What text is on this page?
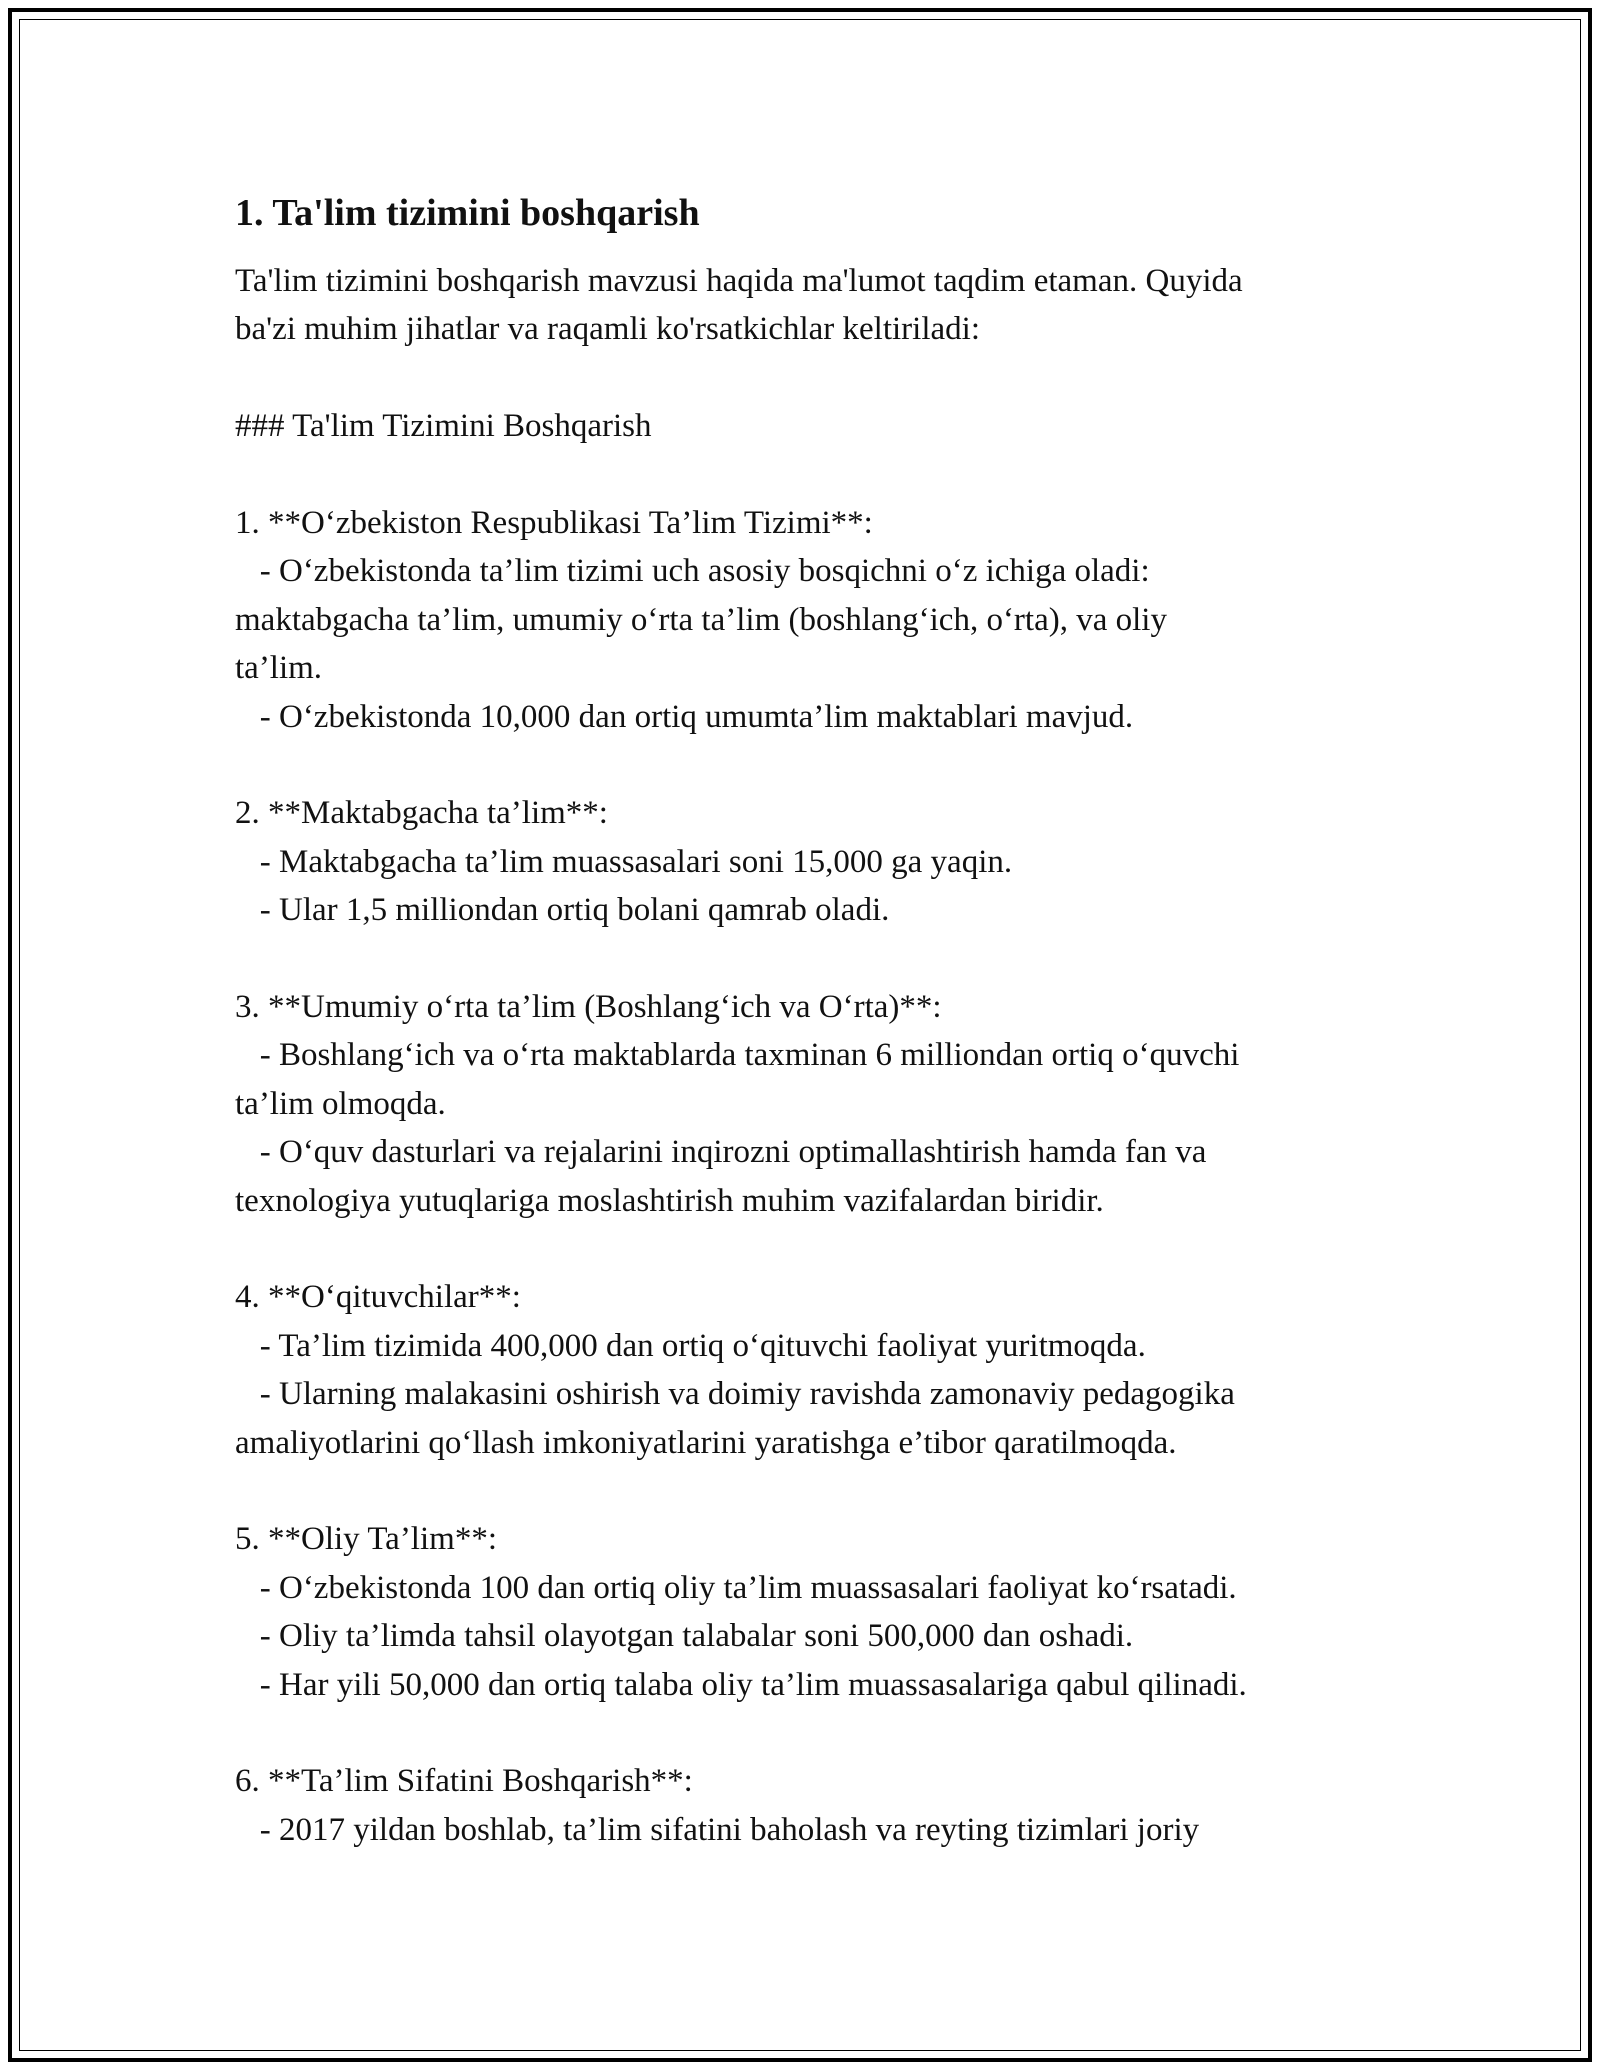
1. Ta'lim tizimini boshqarish

Ta'lim tizimini boshqarish mavzusi haqida ma'lumot taqdim etaman. Quyida

ba'zi muhim jihatlar va raqamli ko'rsatkichlar keltiriladi:

### Ta'lim Tizimini Boshqarish

1. **O‘zbekiston Respublikasi Ta’lim Tizimi**:

- O‘zbekistonda ta’lim tizimi uch asosiy bosqichni o‘z ichiga oladi:

maktabgacha ta’lim, umumiy o‘rta ta’lim (boshlang‘ich, o‘rta), va oliy

ta’lim.

- O‘zbekistonda 10,000 dan ortiq umumta’lim maktablari mavjud.

2. **Maktabgacha ta’lim**:

- Maktabgacha ta’lim muassasalari soni 15,000 ga yaqin.

- Ular 1,5 milliondan ortiq bolani qamrab oladi.

3. **Umumiy o‘rta ta’lim (Boshlang‘ich va O‘rta)**:

- Boshlang‘ich va o‘rta maktablarda taxminan 6 milliondan ortiq o‘quvchi

ta’lim olmoqda.

- O‘quv dasturlari va rejalarini inqirozni optimallashtirish hamda fan va

texnologiya yutuqlariga moslashtirish muhim vazifalardan biridir.

4. **O‘qituvchilar**:

- Ta’lim tizimida 400,000 dan ortiq o‘qituvchi faoliyat yuritmoqda.

- Ularning malakasini oshirish va doimiy ravishda zamonaviy pedagogika

amaliyotlarini qo‘llash imkoniyatlarini yaratishga e’tibor qaratilmoqda.

5. **Oliy Ta’lim**:

- O‘zbekistonda 100 dan ortiq oliy ta’lim muassasalari faoliyat ko‘rsatadi.

- Oliy ta’limda tahsil olayotgan talabalar soni 500,000 dan oshadi.

- Har yili 50,000 dan ortiq talaba oliy ta’lim muassasalariga qabul qilinadi.

6. **Ta’lim Sifatini Boshqarish**:

- 2017 yildan boshlab, ta’lim sifatini baholash va reyting tizimlari joriy
